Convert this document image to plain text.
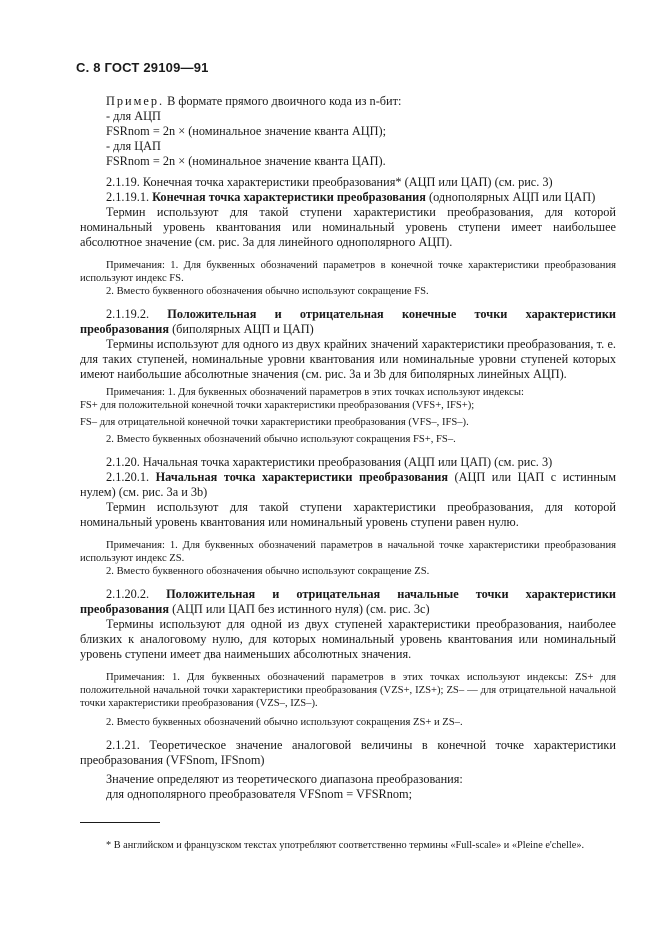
С. 8 ГОСТ 29109—91

Пример. В формате прямого двоичного кода из n-бит:

- для АЦП

FSRnom = 2n × (номинальное значение кванта АЦП);

- для ЦАП

FSRnom = 2n × (номинальное значение кванта ЦАП).

2.1.19. Конечная точка характеристики преобразования* (АЦП или ЦАП) (см. рис. 3)

2.1.19.1. Конечная точка характеристики преобразования (однополярных АЦП или ЦАП)

Термин используют для такой ступени характеристики преобразования, для которой номинальный уровень квантования или номинальный уровень ступени имеет наибольшее абсолютное значение (см. рис. 3а для линейного однополярного АЦП).

Примечания: 1. Для буквенных обозначений параметров в конечной точке характеристики преобразования используют индекс FS.

2. Вместо буквенного обозначения обычно используют сокращение FS.

2.1.19.2. Положительная и отрицательная конечные точки характеристики преобразования (биполярных АЦП и ЦАП)

Термины используют для одного из двух крайних значений характеристики преобразования, т. е. для таких ступеней, номинальные уровни квантования или номинальные уровни ступеней которых имеют наибольшие абсолютные значения (см. рис. 3а и 3b для биполярных линейных АЦП).

Примечания: 1. Для буквенных обозначений параметров в этих точках используют индексы:

FS+ для положительной конечной точки характеристики преобразования (VFS+, IFS+);

FS– для отрицательной конечной точки характеристики преобразования (VFS–, IFS–).

2. Вместо буквенных обозначений обычно используют сокращения FS+, FS–.

2.1.20. Начальная точка характеристики преобразования (АЦП или ЦАП) (см. рис. 3)

2.1.20.1. Начальная точка характеристики преобразования (АЦП или ЦАП с истинным нулем) (см. рис. 3а и 3b)

Термин используют для такой ступени характеристики преобразования, для которой номинальный уровень квантования или номинальный уровень ступени равен нулю.

Примечания: 1. Для буквенных обозначений параметров в начальной точке характеристики преобразования используют индекс ZS.

2. Вместо буквенного обозначения обычно используют сокращение ZS.

2.1.20.2. Положительная и отрицательная начальные точки характеристики преобразования (АЦП или ЦАП без истинного нуля) (см. рис. 3с)

Термины используют для одной из двух ступеней характеристики преобразования, наиболее близких к аналоговому нулю, для которых номинальный уровень квантования или номинальный уровень ступени имеет два наименьших абсолютных значения.

Примечания: 1. Для буквенных обозначений параметров в этих точках используют индексы: ZS+ для положительной начальной точки характеристики преобразования (VZS+, IZS+); ZS– — для отрицательной начальной точки характеристики преобразования (VZS–, IZS–).

2. Вместо буквенных обозначений обычно используют сокращения ZS+ и ZS–.

2.1.21. Теоретическое значение аналоговой величины в конечной точке характеристики преобразования (VFSnom, IFSnom)

Значение определяют из теоретического диапазона преобразования:

для однополярного преобразователя VFSnom = VFSRnom;

* В английском и французском текстах употребляют соответственно термины «Full-scale» и «Pleine e'chelle».
